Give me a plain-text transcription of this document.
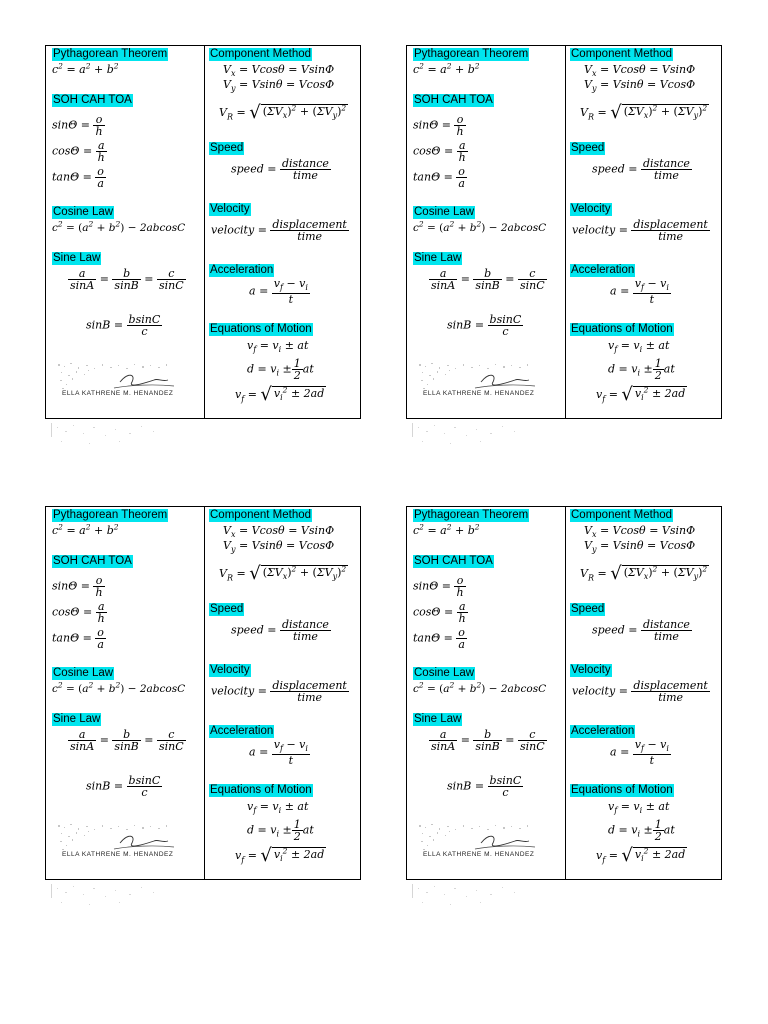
Pythagorean Theorem
$c^2 = a^2 + b^2$
SOH CAH TOA
$\sin\Theta = \frac{o}{h}$
$\cos\Theta = \frac{a}{h}$
$\tan\Theta = \frac{o}{a}$
Cosine Law
$c^2 = (a^2 + b^2) - 2abcosC$
Sine Law
$\frac{a}{\sin A} = \frac{b}{\sin B} = \frac{c}{\sin C}$
$\sin B = \frac{bsinC}{c}$
ELLA KATHRENE M. HENANDEZ
Component Method
$V_x = Vcos\theta = Vsin\Phi$
$V_y = Vsin\theta = Vcos\Phi$
$V_R$ = √ $(\Sigma V_x)^2 + (\Sigma V_y)^2$
Speed
speed = $\frac{\text{distance}}{\text{time}}$
Velocity
velocity = $\frac{\text{displacement}}{\text{time}}$
Acceleration
$a = \frac{v_f - v_i}{t}$
Equations of Motion
$v_f = v_i$ ± at
$d = v_i \pm \frac{1}{2}$ at
$v_f$ = √ $v_i^2 \pm 2ad$
Pythagorean Theorem
$c^2 = a^2 + b^2$
SOH CAH TOA
$\sin\Theta = \frac{o}{h}$
$\cos\Theta = \frac{a}{h}$
$\tan\Theta = \frac{o}{a}$
Cosine Law
$c^2 = (a^2 + b^2) - 2abcosC$
Sine Law
$\frac{a}{\sin A} = \frac{b}{\sin B} = \frac{c}{\sin C}$
$\sin B = \frac{bsinC}{c}$
ELLA KATHRENE M. HENANDEZ
Component Method
$V_x = Vcos\theta = Vsin\Phi$
$V_y = Vsin\theta = Vcos\Phi$
$V_R$ = √ $(\Sigma V_x)^2 + (\Sigma V_y)^2$
Speed
speed = $\frac{\text{distance}}{\text{time}}$
Velocity
velocity = $\frac{\text{displacement}}{\text{time}}$
Acceleration
$a = \frac{v_f - v_i}{t}$
Equations of Motion
$v_f = v_i$ ± at
$d = v_i \pm \frac{1}{2}$ at
$v_f$ = √ $v_i^2 \pm 2ad$
Pythagorean Theorem
$c^2 = a^2 + b^2$
SOH CAH TOA
$\sin\Theta = \frac{o}{h}$
$\cos\Theta = \frac{a}{h}$
$\tan\Theta = \frac{o}{a}$
Cosine Law
$c^2 = (a^2 + b^2) - 2abcosC$
Sine Law
$\frac{a}{\sin A} = \frac{b}{\sin B} = \frac{c}{\sin C}$
$\sin B = \frac{bsinC}{c}$
ELLA KATHRENE M. HENANDEZ
Component Method
$V_x = Vcos\theta = Vsin\Phi$
$V_y = Vsin\theta = Vcos\Phi$
$V_R$ = √ $(\Sigma V_x)^2 + (\Sigma V_y)^2$
Speed
speed = $\frac{\text{distance}}{\text{time}}$
Velocity
velocity = $\frac{\text{displacement}}{\text{time}}$
Acceleration
$a = \frac{v_f - v_i}{t}$
Equations of Motion
$v_f = v_i$ ± at
$d = v_i \pm \frac{1}{2}$ at
$v_f$ = √ $v_i^2 \pm 2ad$
Pythagorean Theorem
$c^2 = a^2 + b^2$
SOH CAH TOA
$\sin\Theta = \frac{o}{h}$
$\cos\Theta = \frac{a}{h}$
$\tan\Theta = \frac{o}{a}$
Cosine Law
$c^2 = (a^2 + b^2) - 2abcosC$
Sine Law
$\frac{a}{\sin A} = \frac{b}{\sin B} = \frac{c}{\sin C}$
$\sin B = \frac{bsinC}{c}$
ELLA KATHRENE M. HENANDEZ
Component Method
$V_x = Vcos\theta = Vsin\Phi$
$V_y = Vsin\theta = Vcos\Phi$
$V_R$ = √ $(\Sigma V_x)^2 + (\Sigma V_y)^2$
Speed
speed = $\frac{\text{distance}}{\text{time}}$
Velocity
velocity = $\frac{\text{displacement}}{\text{time}}$
Acceleration
$a = \frac{v_f - v_i}{t}$
Equations of Motion
$v_f = v_i$ ± at
$d = v_i \pm \frac{1}{2}$ at
$v_f$ = √ $v_i^2 \pm 2ad$
